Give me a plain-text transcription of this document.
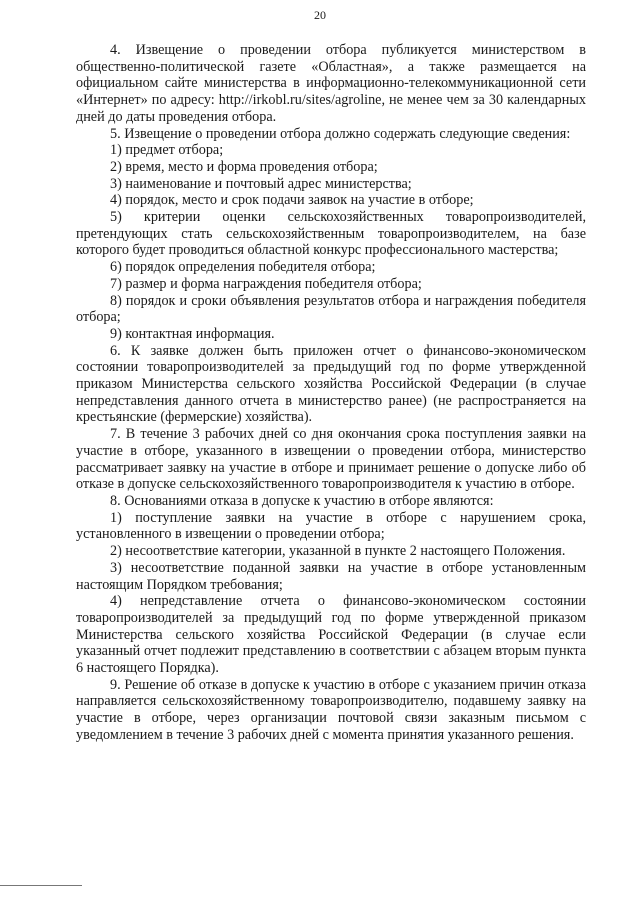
20

4. Извещение о проведении отбора публикуется министерством в общественно-политической газете «Областная», а также размещается на официальном сайте министерства в информационно-телекоммуникационной сети «Интернет» по адресу: http://irkobl.ru/sites/agroline, не менее чем за 30 календарных дней до даты проведения отбора.

5. Извещение о проведении отбора должно содержать следующие сведения:

1) предмет отбора;

2) время, место и форма проведения отбора;

3) наименование и почтовый адрес министерства;

4) порядок, место и срок подачи заявок на участие в отборе;

5) критерии оценки сельскохозяйственных товаропроизводителей, претендующих стать сельскохозяйственным товаропроизводителем, на базе которого будет проводиться областной конкурс профессионального мастерства;

6) порядок определения победителя отбора;

7) размер и форма награждения победителя отбора;

8) порядок и сроки объявления результатов отбора и награждения победителя отбора;

9) контактная информация.

6. К заявке должен быть приложен отчет о финансово-экономическом состоянии товаропроизводителей за предыдущий год по форме утвержденной приказом Министерства сельского хозяйства Российской Федерации (в случае непредставления данного отчета в министерство ранее) (не распространяется на крестьянские (фермерские) хозяйства).

7. В течение 3 рабочих дней со дня окончания срока поступления заявки на участие в отборе, указанного в извещении о проведении отбора, министерство рассматривает заявку на участие в отборе и принимает решение о допуске либо об отказе в допуске сельскохозяйственного товаропроизводителя к участию в отборе.

8. Основаниями отказа в допуске к участию в отборе являются:

1) поступление заявки на участие в отборе с нарушением срока, установленного в извещении о проведении отбора;

2) несоответствие категории, указанной в пункте 2 настоящего Положения.

3) несоответствие поданной заявки на участие в отборе установленным настоящим Порядком требования;

4) непредставление отчета о финансово-экономическом состоянии товаропроизводителей за предыдущий год по форме утвержденной приказом Министерства сельского хозяйства Российской Федерации (в случае если указанный отчет подлежит представлению в соответствии с абзацем вторым пункта 6 настоящего Порядка).

9. Решение об отказе в допуске к участию в отборе с указанием причин отказа направляется сельскохозяйственному товаропроизводителю, подавшему заявку на участие в отборе, через организации почтовой связи заказным письмом с уведомлением в течение 3 рабочих дней с момента принятия указанного решения.
